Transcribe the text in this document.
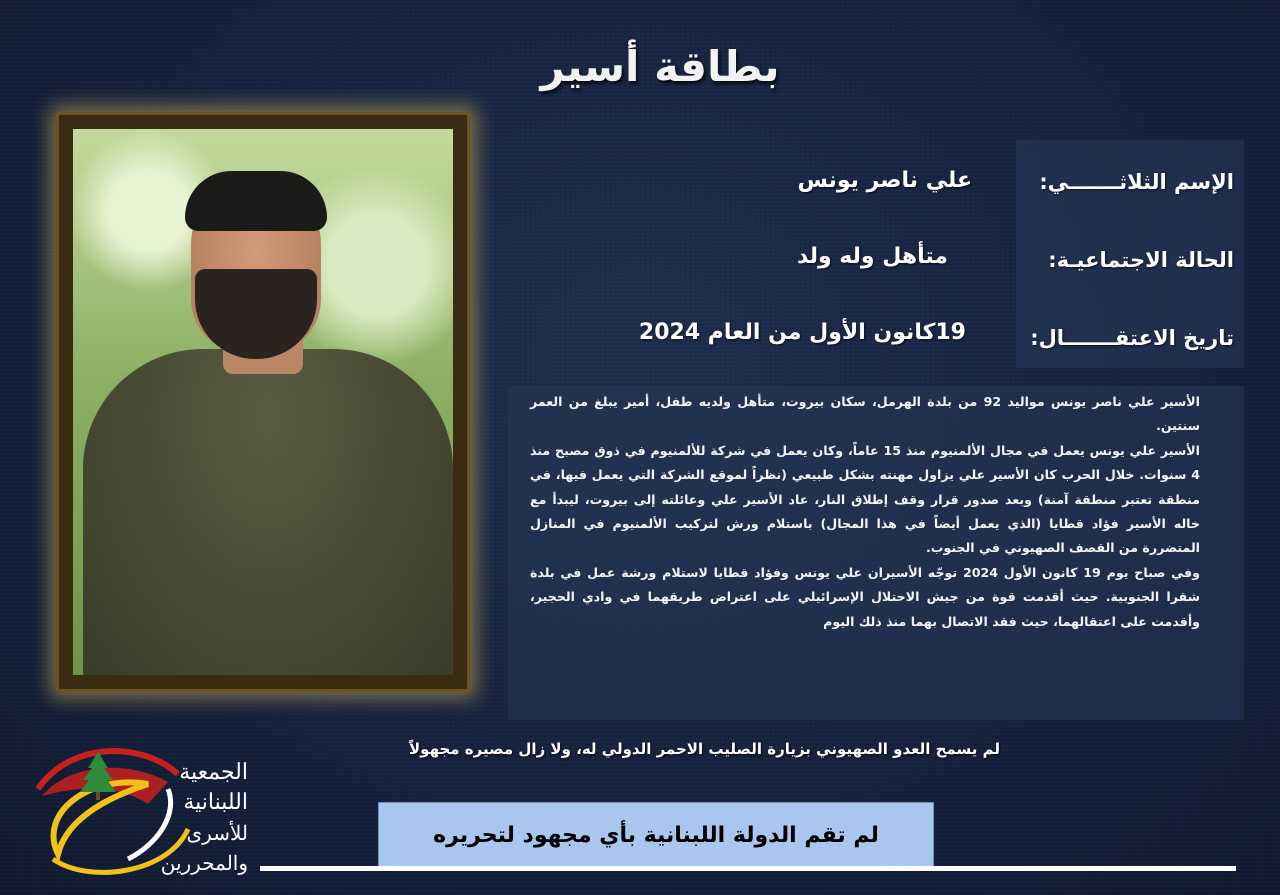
بطاقة أسير
الإسم الثلاثـــــــي:
علي ناصر يونس
الحالة الاجتماعيـة:
متأهل وله ولد
تاريخ الاعتقـــــــال:
19كانون الأول من العام 2024

الأسير علي ناصر يونس مواليد 92 من بلدة الهرمل، سكان بيروت، متأهل ولديه طفل، أمير يبلغ من العمر سنتين.

الأسير علي يونس يعمل في مجال الألمنيوم منذ 15 عاماً، وكان يعمل في شركة للألمنيوم في ذوق مصبح منذ 4 سنوات. خلال الحرب كان الأسير علي يزاول مهنته بشكل طبيعي (نظراً لموقع الشركة التي يعمل فيها، في منطقة تعتبر منطقة آمنة) وبعد صدور قرار وقف إطلاق النار، عاد الأسير علي وعائلته إلى بيروت، ليبدأ مع خاله الأسير فؤاد قطايا (الذي يعمل أيضاً في هذا المجال) باستلام ورش لتركيب الألمنيوم في المنازل المتضررة من القصف الصهيوني في الجنوب.

وفي صباح يوم 19 كانون الأول 2024 توجّه الأسيران علي يونس وفؤاد قطايا لاستلام ورشة عمل في بلدة شقرا الجنوبية. حيث أقدمت قوة من جيش الاحتلال الإسرائيلي على اعتراض طريقهما في وادي الحجير، وأقدمت على اعتقالهما، حيث فقد الاتصال بهما منذ ذلك اليوم

لم يسمح العدو الصهيوني بزيارة الصليب الاحمر الدولي له، ولا زال مصيره مجهولاً
لم تقم الدولة اللبنانية بأي مجهود لتحريره
الجمعية
اللبنانية
للأسرى والمحررين
